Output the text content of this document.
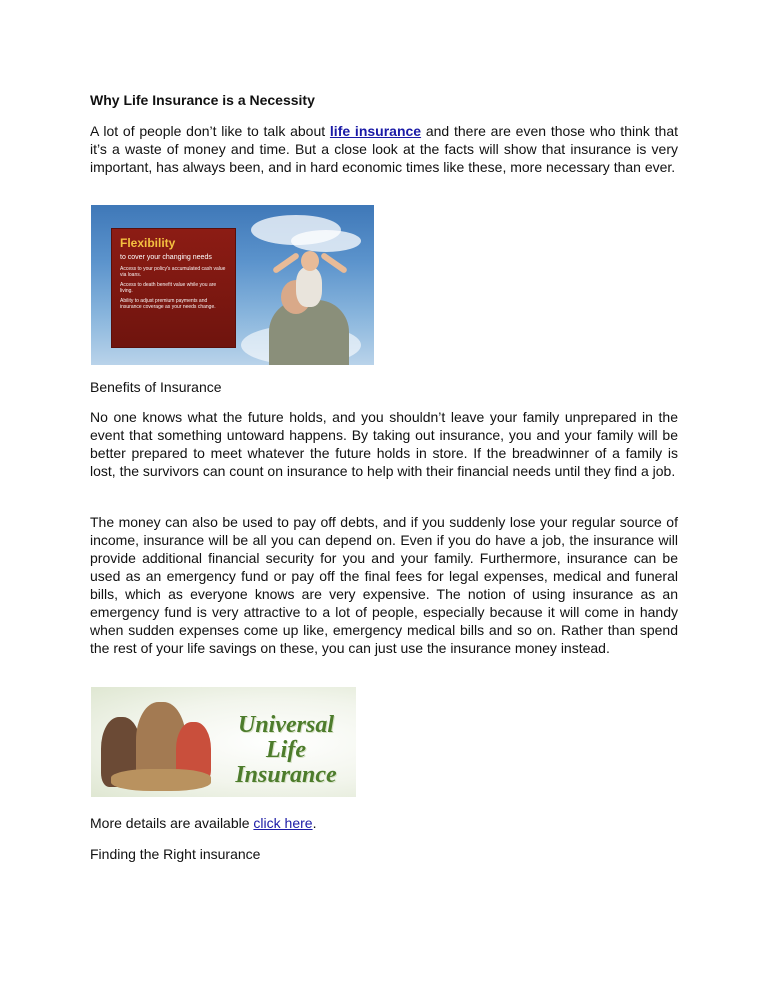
Why Life Insurance is a Necessity
A lot of people don’t like to talk about life insurance and there are even those who think that it’s a waste of money and time. But a close look at the facts will show that insurance is very important, has always been, and in hard economic times like these, more necessary than ever.
Flexibility
to cover your changing needs
Access to your policy's accumulated cash value via loans.
Access to death benefit value while you are living.
Ability to adjust premium payments and insurance coverage as your needs change.
Benefits of Insurance
No one knows what the future holds, and you shouldn’t leave your family unprepared in the event that something untoward happens. By taking out insurance, you and your family will be better prepared to meet whatever the future holds in store. If the breadwinner of a family is lost, the survivors can count on insurance to help with their financial needs until they find a job.
The money can also be used to pay off debts, and if you suddenly lose your regular source of income, insurance will be all you can depend on. Even if you do have a job, the insurance will provide additional financial security for you and your family. Furthermore, insurance can be used as an emergency fund or pay off the final fees for legal expenses, medical and funeral bills, which as everyone knows are very expensive. The notion of using insurance as an emergency fund is very attractive to a lot of people, especially because it will come in handy when sudden expenses come up like, emergency medical bills and so on. Rather than spend the rest of your life savings on these, you can just use the insurance money instead.
Universal
Life
Insurance
More details are available click here.
Finding the Right insurance
